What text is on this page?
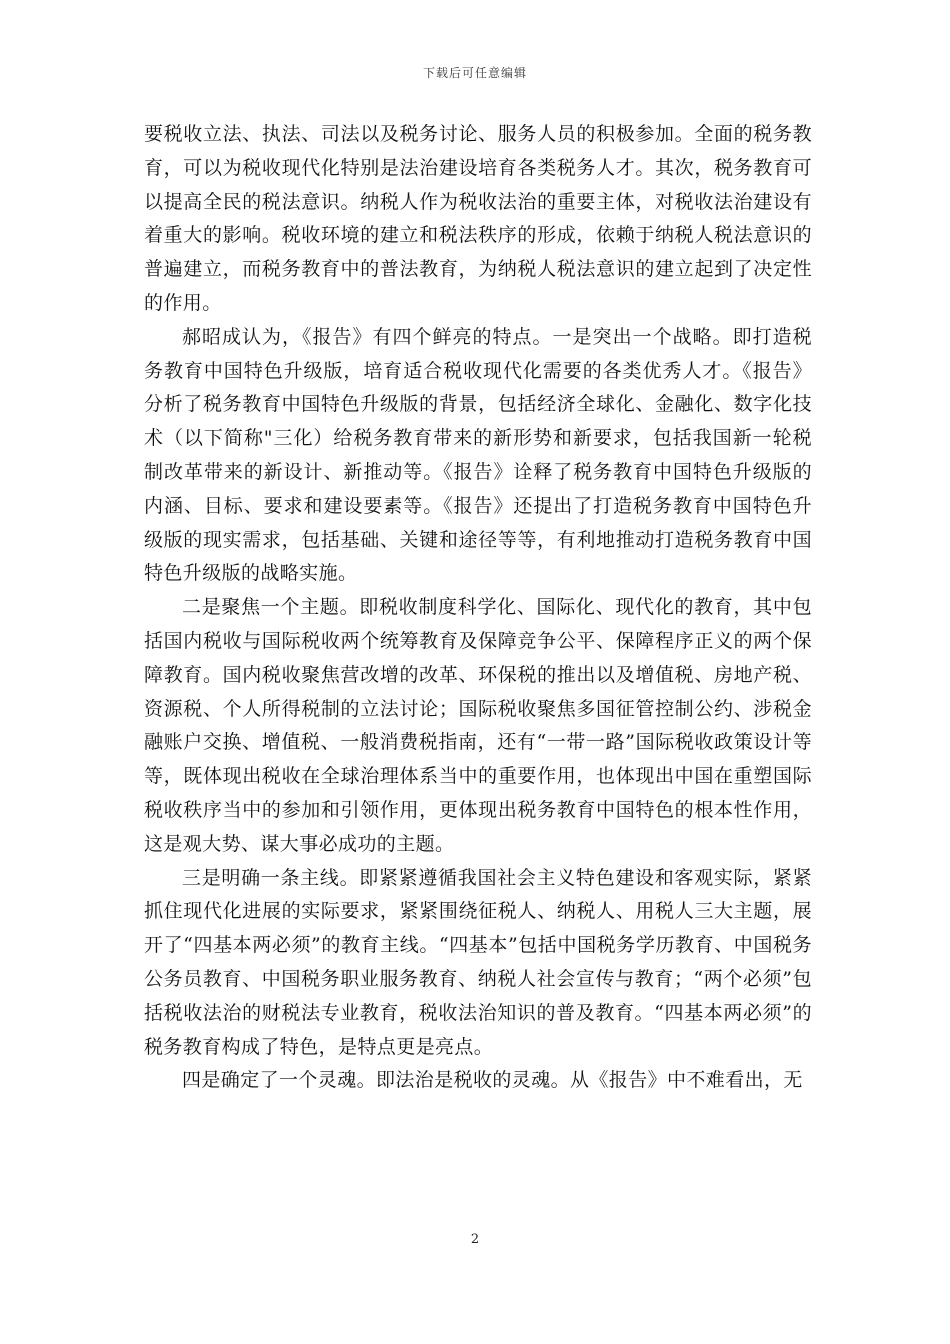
下载后可任意编辑

要税收立法、执法、司法以及税务讨论、服务人员的积极参加。全面的税务教育，可以为税收现代化特别是法治建设培育各类税务人才。其次，税务教育可以提高全民的税法意识。纳税人作为税收法治的重要主体，对税收法治建设有着重大的影响。税收环境的建立和税法秩序的形成，依赖于纳税人税法意识的普遍建立，而税务教育中的普法教育，为纳税人税法意识的建立起到了决定性的作用。

郝昭成认为，《报告》有四个鲜亮的特点。一是突出一个战略。即打造税务教育中国特色升级版，培育适合税收现代化需要的各类优秀人才。《报告》分析了税务教育中国特色升级版的背景，包括经济全球化、金融化、数字化技术（以下简称"三化）给税务教育带来的新形势和新要求，包括我国新一轮税制改革带来的新设计、新推动等。《报告》诠释了税务教育中国特色升级版的内涵、目标、要求和建设要素等。《报告》还提出了打造税务教育中国特色升级版的现实需求，包括基础、关键和途径等等，有利地推动打造税务教育中国特色升级版的战略实施。

二是聚焦一个主题。即税收制度科学化、国际化、现代化的教育，其中包括国内税收与国际税收两个统筹教育及保障竞争公平、保障程序正义的两个保障教育。国内税收聚焦营改增的改革、环保税的推出以及增值税、房地产税、资源税、个人所得税制的立法讨论；国际税收聚焦多国征管控制公约、涉税金融账户交换、增值税、一般消费税指南，还有“一带一路”国际税收政策设计等等，既体现出税收在全球治理体系当中的重要作用，也体现出中国在重塑国际税收秩序当中的参加和引领作用，更体现出税务教育中国特色的根本性作用，这是观大势、谋大事必成功的主题。

三是明确一条主线。即紧紧遵循我国社会主义特色建设和客观实际，紧紧抓住现代化进展的实际要求，紧紧围绕征税人、纳税人、用税人三大主题，展开了“四基本两必须”的教育主线。“四基本”包括中国税务学历教育、中国税务公务员教育、中国税务职业服务教育、纳税人社会宣传与教育；“两个必须”包括税收法治的财税法专业教育，税收法治知识的普及教育。“四基本两必须”的税务教育构成了特色，是特点更是亮点。

四是确定了一个灵魂。即法治是税收的灵魂。从《报告》中不难看出，无

2
